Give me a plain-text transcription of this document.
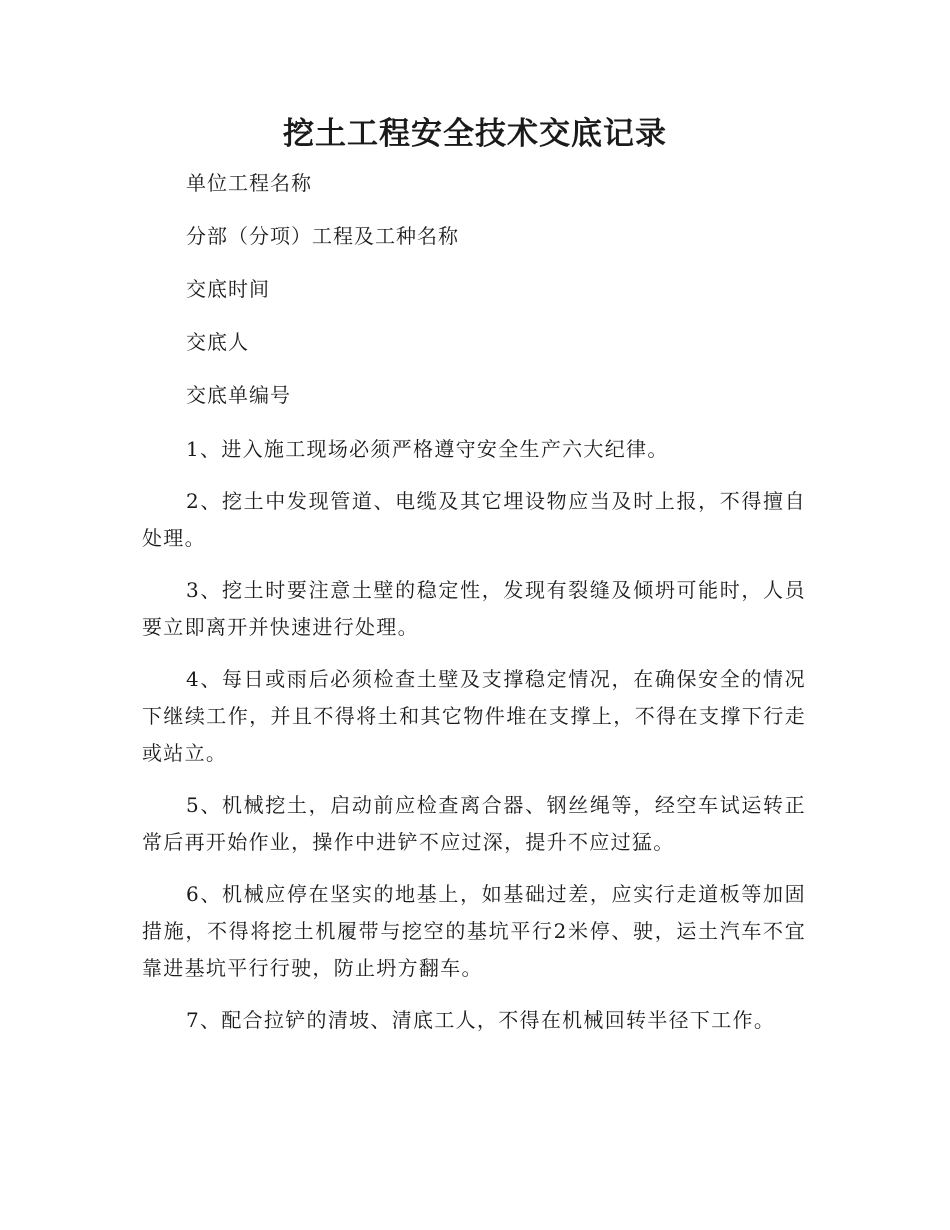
挖土工程安全技术交底记录
单位工程名称
分部（分项）工程及工种名称
交底时间
交底人
交底单编号

1、进入施工现场必须严格遵守安全生产六大纪律。

2、挖土中发现管道、电缆及其它埋设物应当及时上报，不得擅自处理。

3、挖土时要注意土壁的稳定性，发现有裂缝及倾坍可能时，人员要立即离开并快速进行处理。

4、每日或雨后必须检查土壁及支撑稳定情况，在确保安全的情况下继续工作，并且不得将土和其它物件堆在支撑上，不得在支撑下行走或站立。

5、机械挖土，启动前应检查离合器、钢丝绳等，经空车试运转正常后再开始作业，操作中进铲不应过深，提升不应过猛。

6、机械应停在坚实的地基上，如基础过差，应实行走道板等加固措施，不得将挖土机履带与挖空的基坑平行2米停、驶，运土汽车不宜靠进基坑平行行驶，防止坍方翻车。

7、配合拉铲的清坡、清底工人，不得在机械回转半径下工作。
